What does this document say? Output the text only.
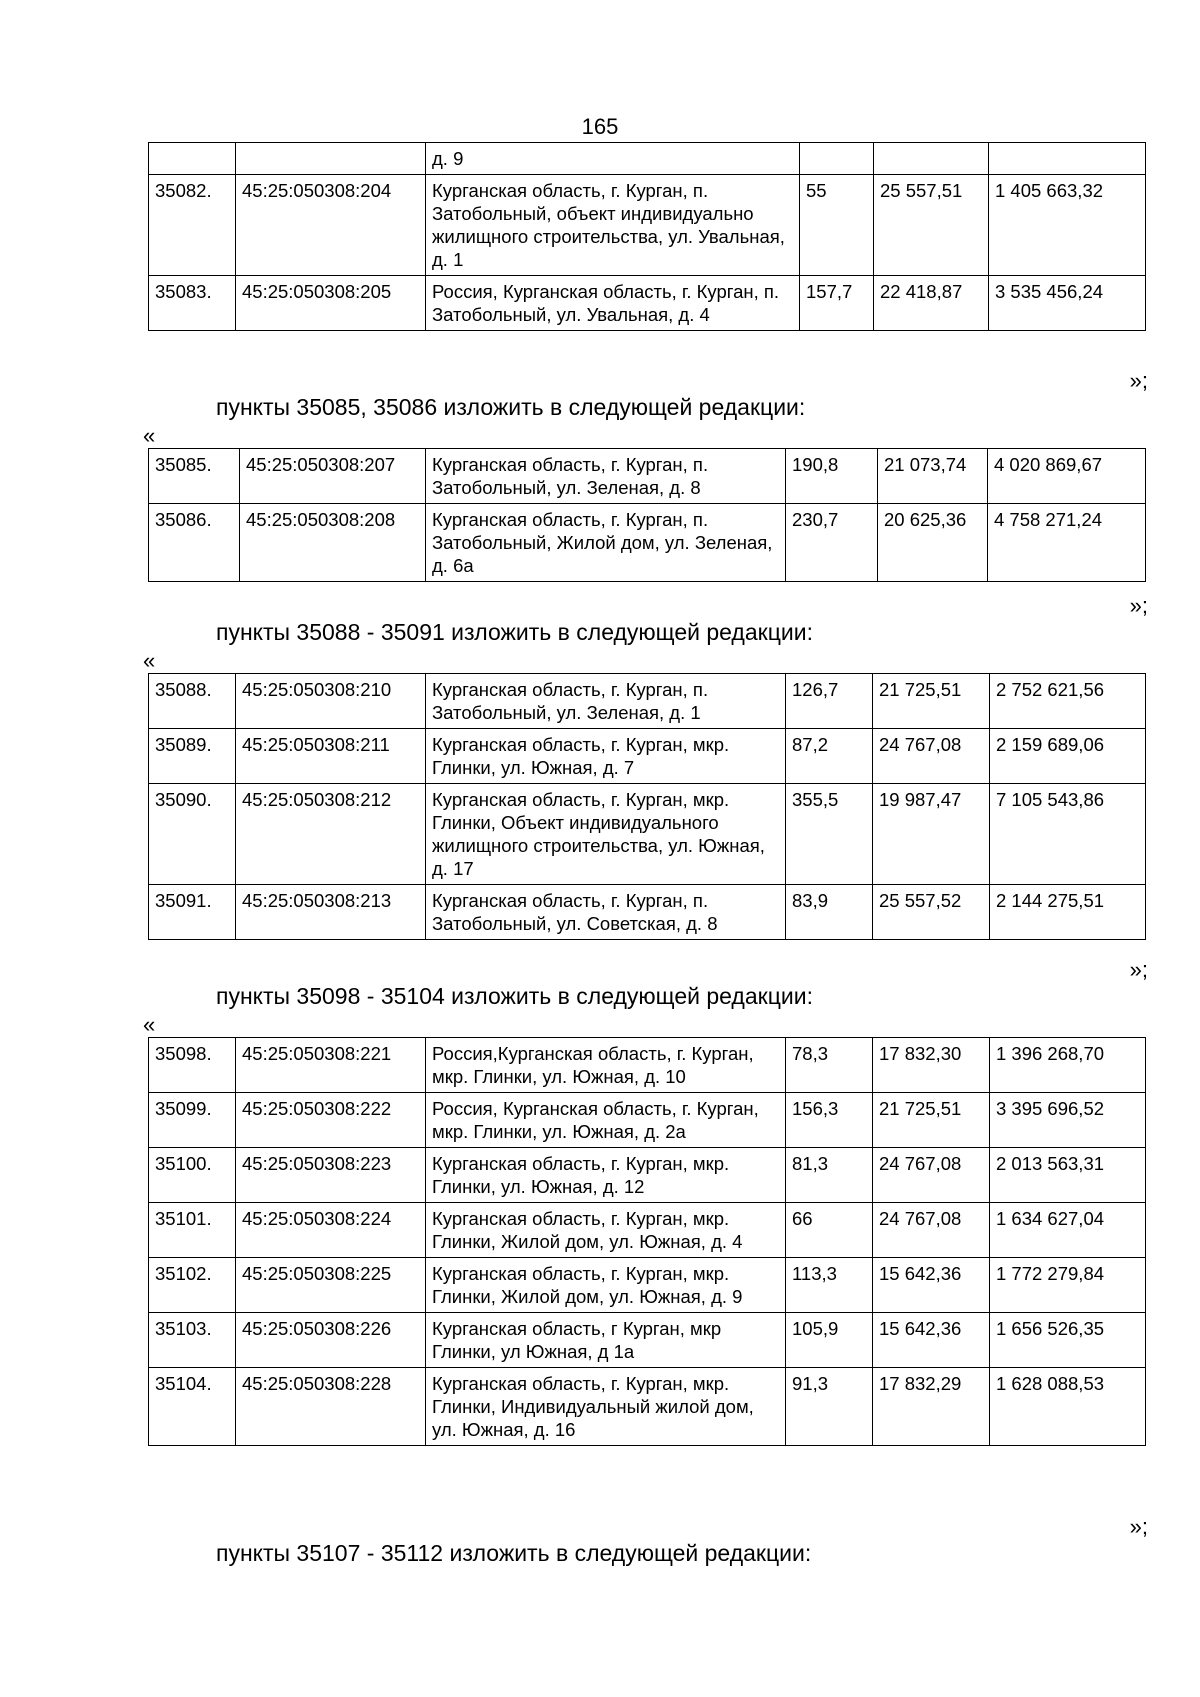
165
		д. 9			
35082.	45:25:050308:204	Курганская область, г. Курган, п. Затобольный, объект индивидуально жилищного строительства, ул. Увальная, д. 1	55	25 557,51	1 405 663,32
35083.	45:25:050308:205	Россия, Курганская область, г. Курган, п. Затобольный, ул. Увальная, д. 4	157,7	22 418,87	3 535 456,24
»;
пункты 35085, 35086 изложить в следующей редакции:
«
35085.	45:25:050308:207	Курганская область, г. Курган, п. Затобольный, ул. Зеленая, д. 8	190,8	21 073,74	4 020 869,67
35086.	45:25:050308:208	Курганская область, г. Курган, п. Затобольный, Жилой дом, ул. Зеленая, д. 6а	230,7	20 625,36	4 758 271,24
»;
пункты 35088 - 35091 изложить в следующей редакции:
«
35088.	45:25:050308:210	Курганская область, г. Курган, п. Затобольный, ул. Зеленая, д. 1	126,7	21 725,51	2 752 621,56
35089.	45:25:050308:211	Курганская область, г. Курган, мкр. Глинки, ул. Южная, д. 7	87,2	24 767,08	2 159 689,06
35090.	45:25:050308:212	Курганская область, г. Курган, мкр. Глинки, Объект индивидуального жилищного строительства, ул. Южная, д. 17	355,5	19 987,47	7 105 543,86
35091.	45:25:050308:213	Курганская область, г. Курган, п. Затобольный, ул. Советская, д. 8	83,9	25 557,52	2 144 275,51
»;
пункты 35098 - 35104 изложить в следующей редакции:
«
35098.	45:25:050308:221	Россия,Курганская область, г. Курган, мкр. Глинки, ул. Южная, д. 10	78,3	17 832,30	1 396 268,70
35099.	45:25:050308:222	Россия, Курганская область, г. Курган, мкр. Глинки, ул. Южная, д. 2а	156,3	21 725,51	3 395 696,52
35100.	45:25:050308:223	Курганская область, г. Курган, мкр. Глинки, ул. Южная, д. 12	81,3	24 767,08	2 013 563,31
35101.	45:25:050308:224	Курганская область, г. Курган, мкр. Глинки, Жилой дом, ул. Южная, д. 4	66	24 767,08	1 634 627,04
35102.	45:25:050308:225	Курганская область, г. Курган, мкр. Глинки, Жилой дом, ул. Южная, д. 9	113,3	15 642,36	1 772 279,84
35103.	45:25:050308:226	Курганская область, г Курган, мкр Глинки, ул Южная, д 1а	105,9	15 642,36	1 656 526,35
35104.	45:25:050308:228	Курганская область, г. Курган, мкр. Глинки, Индивидуальный жилой дом, ул. Южная, д. 16	91,3	17 832,29	1 628 088,53
»;
пункты 35107 - 35112 изложить в следующей редакции:
